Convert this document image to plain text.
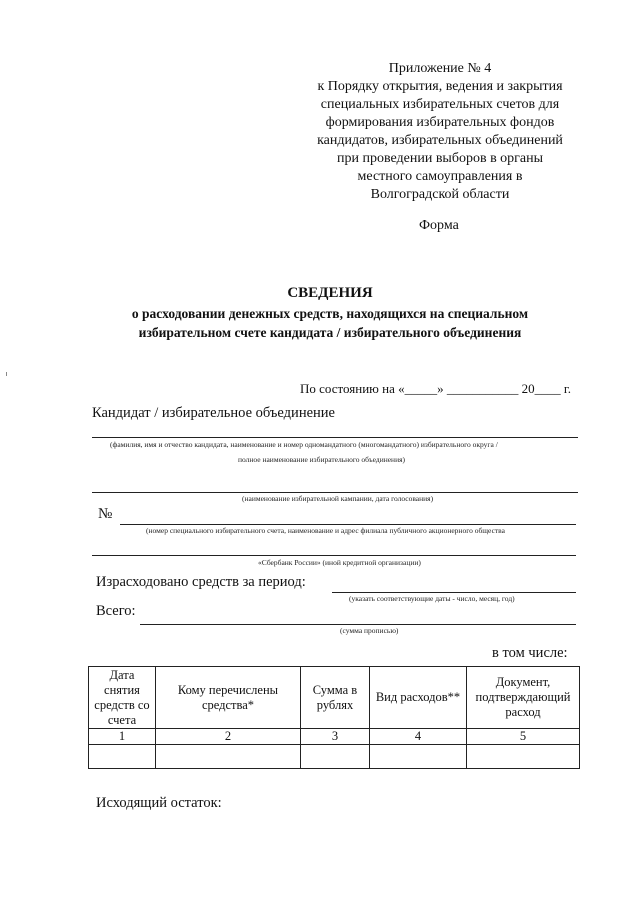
Приложение № 4
к Порядку открытия, ведения и закрытия
специальных избирательных счетов для
формирования избирательных фондов
кандидатов, избирательных объединений
при проведении выборов в органы
местного самоуправления в
Волгоградской области
Форма
СВЕДЕНИЯ
о расходовании денежных средств, находящихся на специальном
избирательном счете кандидата / избирательного объединения
По состоянию на «_____» ___________ 20____ г.
Кандидат / избирательное объединение
(фамилия, имя и отчество кандидата, наименование и номер одномандатного (многомандатного) избирательного округа /
полное наименование избирательного объединения)
(наименование избирательной кампании, дата голосования)
№
(номер специального избирательного счета, наименование и адрес филиала публичного акционерного общества
«Сбербанк России» (иной кредитной организации)
Израсходовано средств за период:
(указать соответствующие даты - число, месяц, год)
Всего:
(сумма прописью)
в том числе:
Дата снятия средств со счета	Кому перечислены средства*	Сумма в рублях	Вид расходов**	Документ, подтверждающий расход
1	2	3	4	5

Исходящий остаток:
